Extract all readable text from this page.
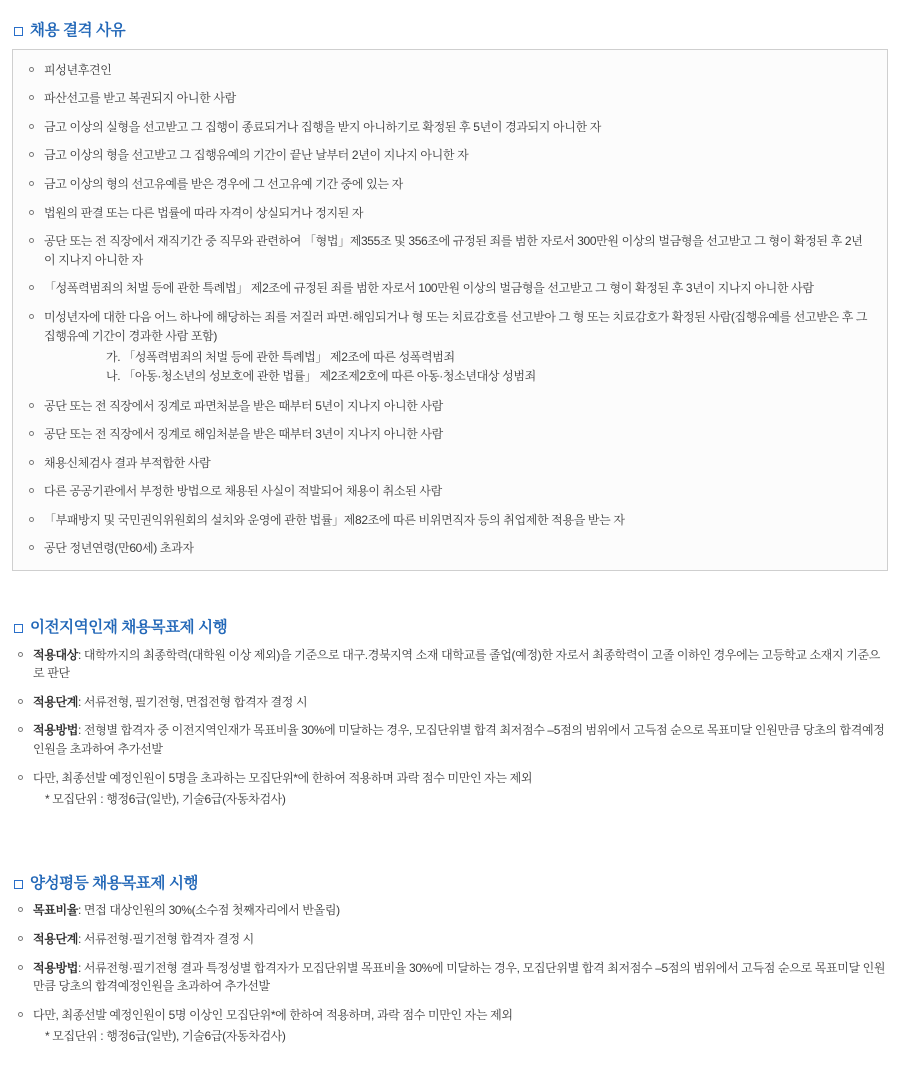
채용 결격 사유
피성년후견인
파산선고를 받고 복권되지 아니한 사람
금고 이상의 실형을 선고받고 그 집행이 종료되거나 집행을 받지 아니하기로 확정된 후 5년이 경과되지 아니한 자
금고 이상의 형을 선고받고 그 집행유예의 기간이 끝난 날부터 2년이 지나지 아니한 자
금고 이상의 형의 선고유예를 받은 경우에 그 선고유예 기간 중에 있는 자
법원의 판결 또는 다른 법률에 따라 자격이 상실되거나 정지된 자
공단 또는 전 직장에서 재직기간 중 직무와 관련하여 「형법」제355조 및 356조에 규정된 죄를 범한 자로서 300만원 이상의 벌금형을 선고받고 그 형이 확정된 후 2년이 지나지 아니한 자
「성폭력범죄의 처벌 등에 관한 특례법」 제2조에 규정된 죄를 범한 자로서 100만원 이상의 벌금형을 선고받고 그 형이 확정된 후 3년이 지나지 아니한 사람
미성년자에 대한 다음 어느 하나에 해당하는 죄를 저질러 파면·해임되거나 형 또는 치료감호를 선고받아 그 형 또는 치료감호가 확정된 사람(집행유예를 선고받은 후 그 집행유예 기간이 경과한 사람 포함)
가. 「성폭력범죄의 처벌 등에 관한 특례법」 제2조에 따른 성폭력범죄
나. 「아동·청소년의 성보호에 관한 법률」 제2조제2호에 따른 아동·청소년대상 성범죄
공단 또는 전 직장에서 징계로 파면처분을 받은 때부터 5년이 지나지 아니한 사람
공단 또는 전 직장에서 징계로 해임처분을 받은 때부터 3년이 지나지 아니한 사람
채용신체검사 결과 부적합한 사람
다른 공공기관에서 부정한 방법으로 채용된 사실이 적발되어 채용이 취소된 사람
「부패방지 및 국민권익위원회의 설치와 운영에 관한 법률」제82조에 따른 비위면직자 등의 취업제한 적용을 받는 자
공단 정년연령(만60세) 초과자
이전지역인재 채용목표제 시행
적용대상: 대학까지의 최종학력(대학원 이상 제외)을 기준으로 대구.경북지역 소재 대학교를 졸업(예정)한 자로서 최종학력이 고졸 이하인 경우에는 고등학교 소재지 기준으로 판단
적용단계: 서류전형, 필기전형, 면접전형 합격자 결정 시
적용방법: 전형별 합격자 중 이전지역인재가 목표비율 30%에 미달하는 경우, 모집단위별 합격 최저점수 –5점의 범위에서 고득점 순으로 목표미달 인원만큼 당초의 합격예정인원을 초과하여 추가선발
다만, 최종선발 예정인원이 5명을 초과하는 모집단위*에 한하여 적용하며 과락 점수 미만인 자는 제외
* 모집단위 : 행정6급(일반), 기술6급(자동차검사)
양성평등 채용목표제 시행
목표비율: 면접 대상인원의 30%(소수점 첫째자리에서 반올림)
적용단계: 서류전형·필기전형 합격자 결정 시
적용방법: 서류전형·필기전형 결과 특정성별 합격자가 모집단위별 목표비율 30%에 미달하는 경우, 모집단위별 합격 최저점수 –5점의 범위에서 고득점 순으로 목표미달 인원만큼 당초의 합격예정인원을 초과하여 추가선발
다만, 최종선발 예정인원이 5명 이상인 모집단위*에 한하여 적용하며, 과락 점수 미만인 자는 제외
* 모집단위 : 행정6급(일반), 기술6급(자동차검사)
